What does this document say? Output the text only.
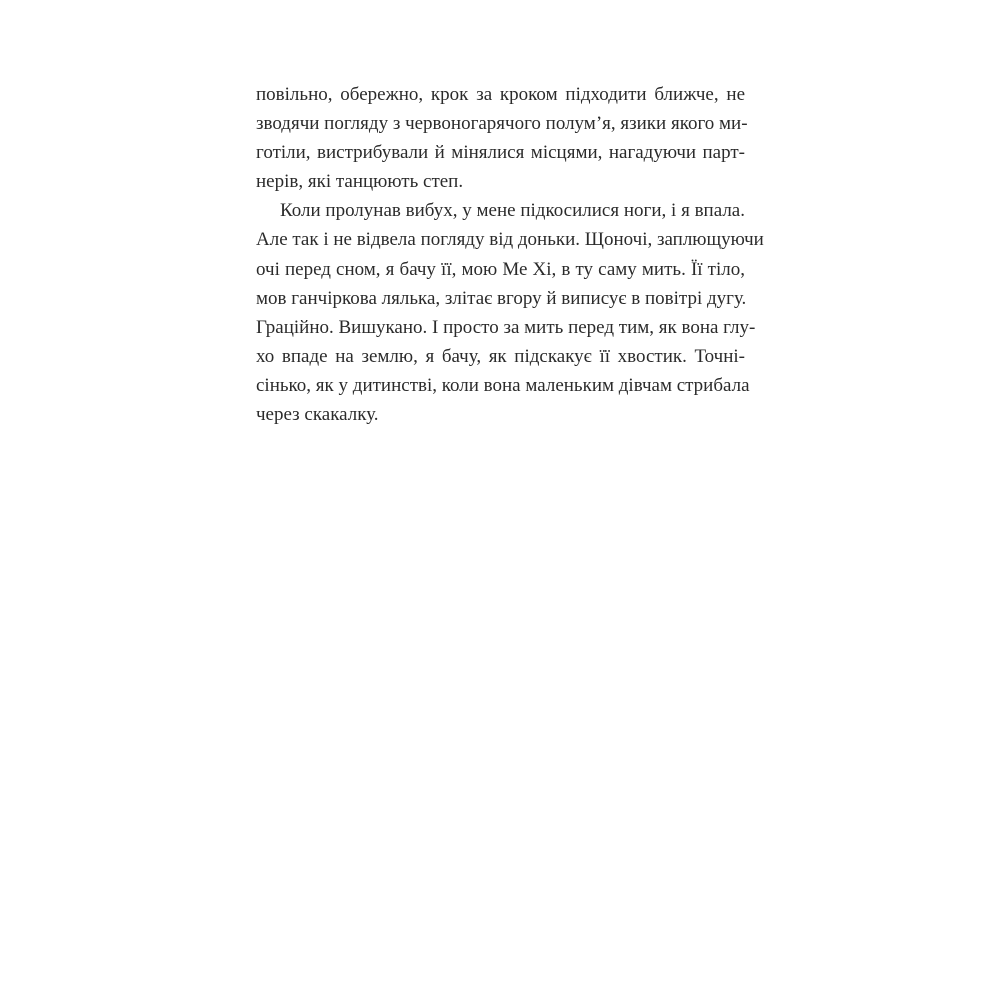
повільно, обережно, крок за кроком підходити ближче, не
зводячи погляду з червоногарячого полум’я, язики якого ми-
готіли, вистрибували й мінялися місцями, нагадуючи парт-
нерів, які танцюють степ.
Коли пролунав вибух, у мене підкосилися ноги, і я впала.
Але так і не відвела погляду від доньки. Щоночі, заплющуючи
очі перед сном, я бачу її, мою Ме Хі, в ту саму мить. Її тіло,
мов ганчіркова лялька, злітає вгору й виписує в повітрі дугу.
Граційно. Вишукано. І просто за мить перед тим, як вона глу-
хо впаде на землю, я бачу, як підскакує її хвостик. Точні-
сінько, як у дитинстві, коли вона маленьким дівчам стрибала
через скакалку.
